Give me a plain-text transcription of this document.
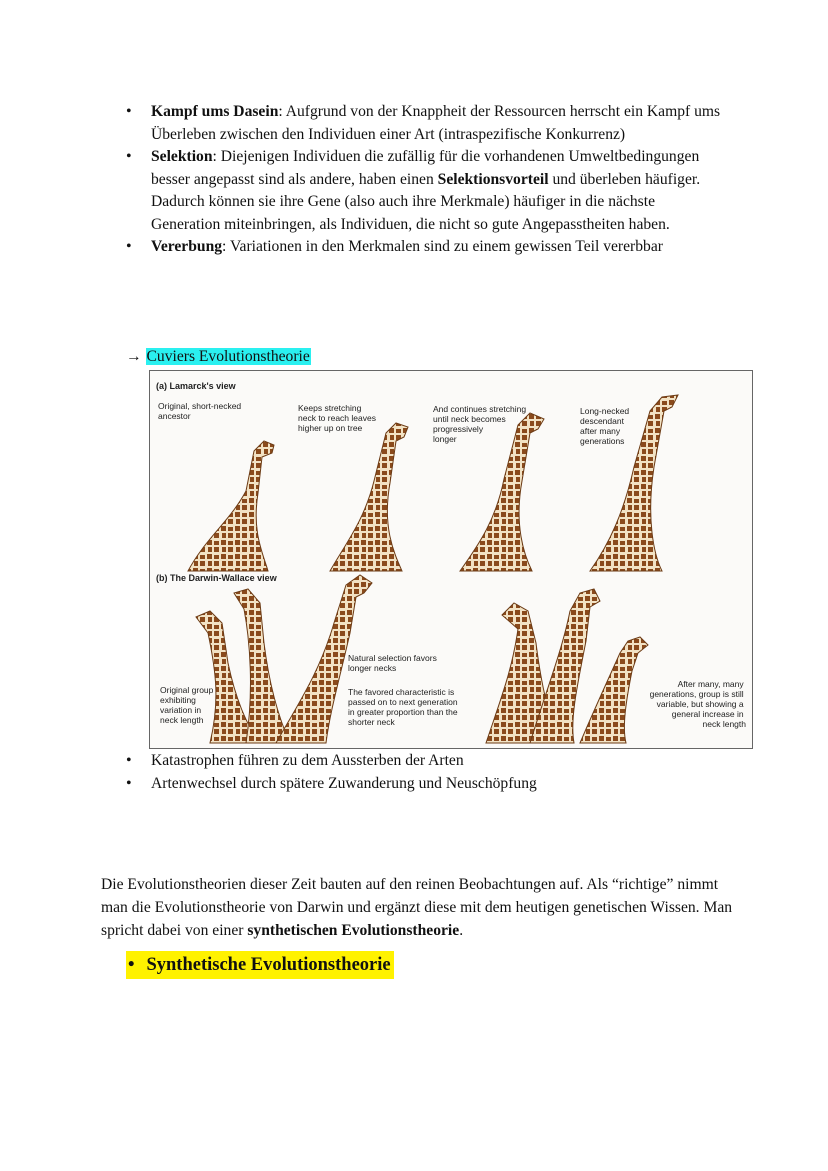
• Kampf ums Dasein: Aufgrund von der Knappheit der Ressourcen herrscht ein Kampf ums Überleben zwischen den Individuen einer Art (intraspezifische Konkurrenz)
• Selektion: Diejenigen Individuen die zufällig für die vorhandenen Umweltbedingungen besser angepasst sind als andere, haben einen Selektionsvorteil und überleben häufiger. Dadurch können sie ihre Gene (also auch ihre Merkmale) häufiger in die nächste Generation miteinbringen, als Individuen, die nicht so gute Angepasstheiten haben.
• Vererbung: Variationen in den Merkmalen sind zu einem gewissen Teil vererbbar
→ Cuviers Evolutionstheorie
(a) Lamarck's view
Original, short-necked ancestor
Keeps stretching neck to reach leaves higher up on tree
And continues stretching until neck becomes progressively longer
Long-necked descendant after many generations
(b) The Darwin-Wallace view
Original group exhibiting variation in neck length
Natural selection favors longer necks
The favored characteristic is passed on to next generation in greater proportion than the shorter neck
After many, many generations, group is still variable, but showing a general increase in neck length
• Katastrophen führen zu dem Aussterben der Arten
• Artenwechsel durch spätere Zuwanderung und Neuschöpfung

Die Evolutionstheorien dieser Zeit bauten auf den reinen Beobachtungen auf. Als “richtige” nimmt man die Evolutionstheorie von Darwin und ergänzt diese mit dem heutigen genetischen Wissen. Man spricht dabei von einer synthetischen Evolutionstheorie.

• Synthetische Evolutionstheorie
